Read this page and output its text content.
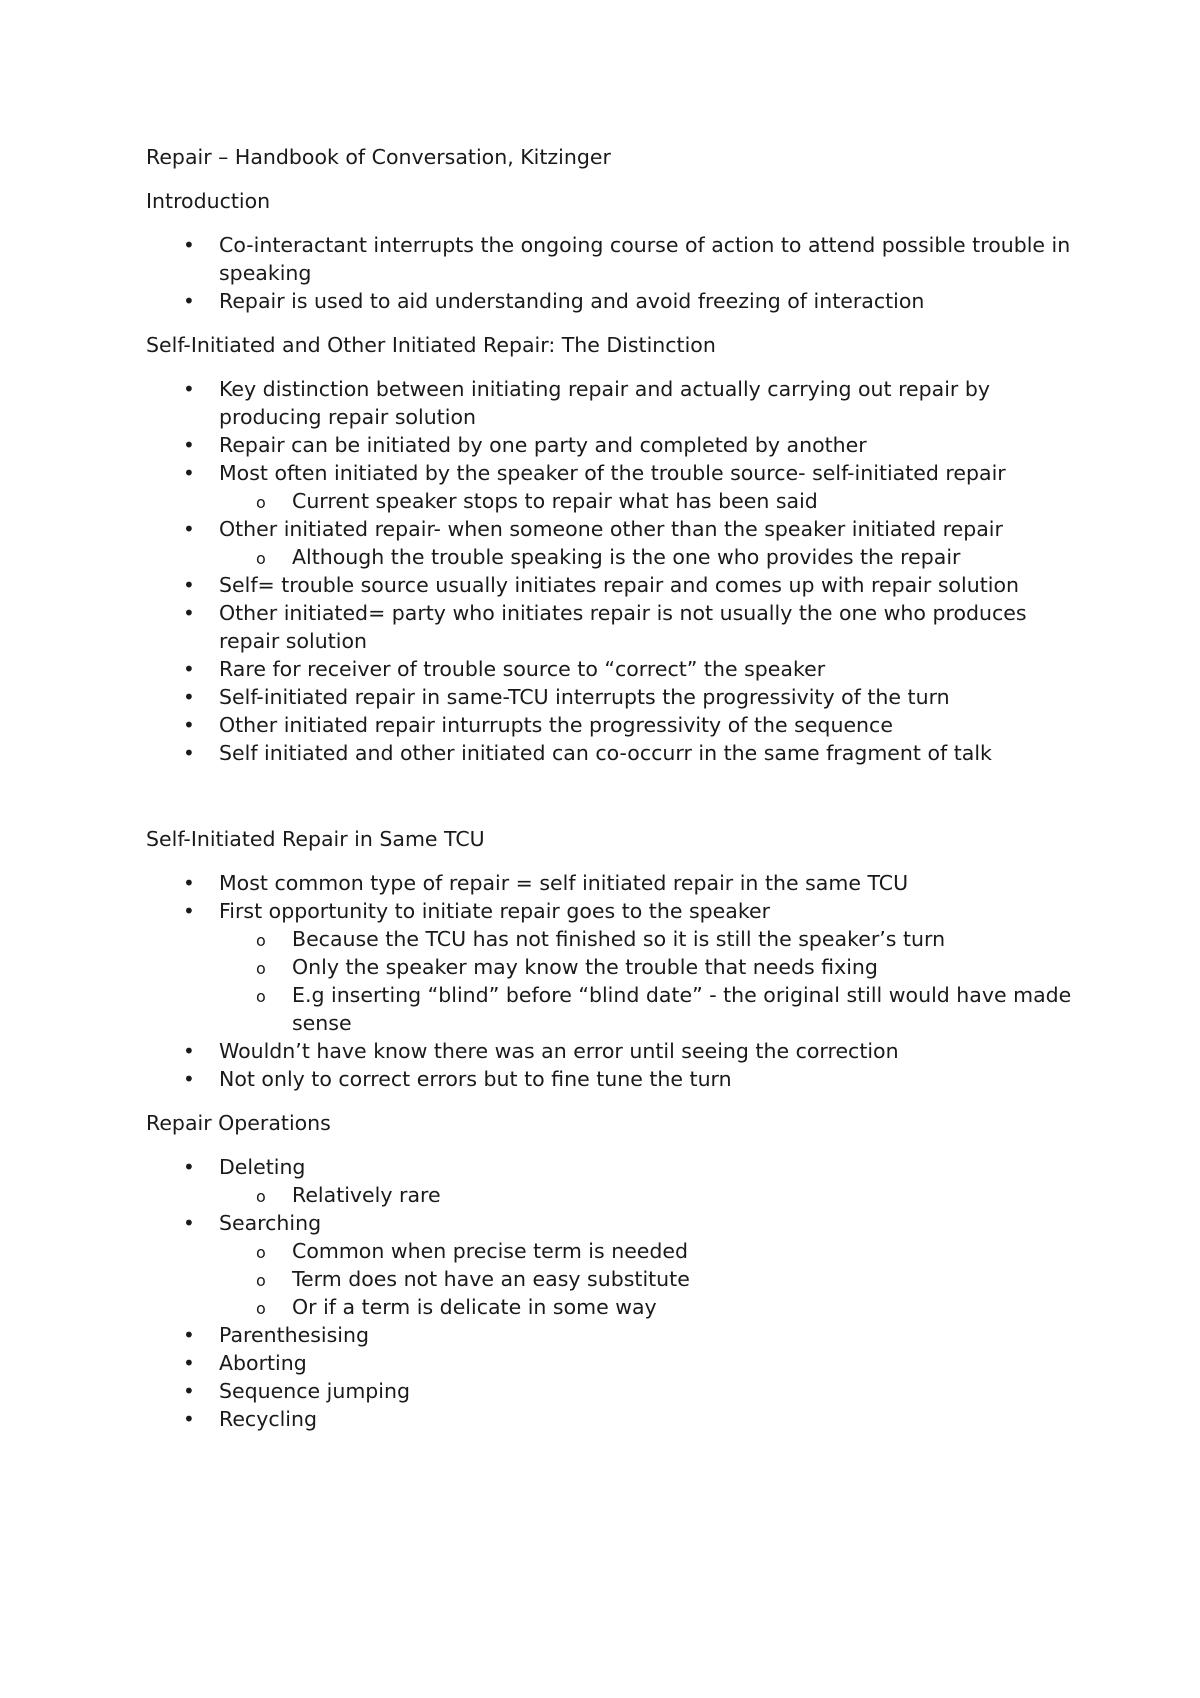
Repair – Handbook of Conversation, Kitzinger

Introduction

• Co-interactant interrupts the ongoing course of action to attend possible trouble in speaking
• Repair is used to aid understanding and avoid freezing of interaction

Self-Initiated and Other Initiated Repair: The Distinction

• Key distinction between initiating repair and actually carrying out repair by producing repair solution
• Repair can be initiated by one party and completed by another
• Most often initiated by the speaker of the trouble source- self-initiated repair
o Current speaker stops to repair what has been said
• Other initiated repair- when someone other than the speaker initiated repair
o Although the trouble speaking is the one who provides the repair
• Self= trouble source usually initiates repair and comes up with repair solution
• Other initiated= party who initiates repair is not usually the one who produces repair solution
• Rare for receiver of trouble source to “correct” the speaker
• Self-initiated repair in same-TCU interrupts the progressivity of the turn
• Other initiated repair inturrupts the progressivity of the sequence
• Self initiated and other initiated can co-occurr in the same fragment of talk

Self-Initiated Repair in Same TCU

• Most common type of repair = self initiated repair in the same TCU
• First opportunity to initiate repair goes to the speaker
o Because the TCU has not finished so it is still the speaker’s turn
o Only the speaker may know the trouble that needs fixing
o E.g inserting “blind” before “blind date” - the original still would have made sense
• Wouldn’t have know there was an error until seeing the correction
• Not only to correct errors but to fine tune the turn

Repair Operations

• Deleting
o Relatively rare
• Searching
o Common when precise term is needed
o Term does not have an easy substitute
o Or if a term is delicate in some way
• Parenthesising
• Aborting
• Sequence jumping
• Recycling
